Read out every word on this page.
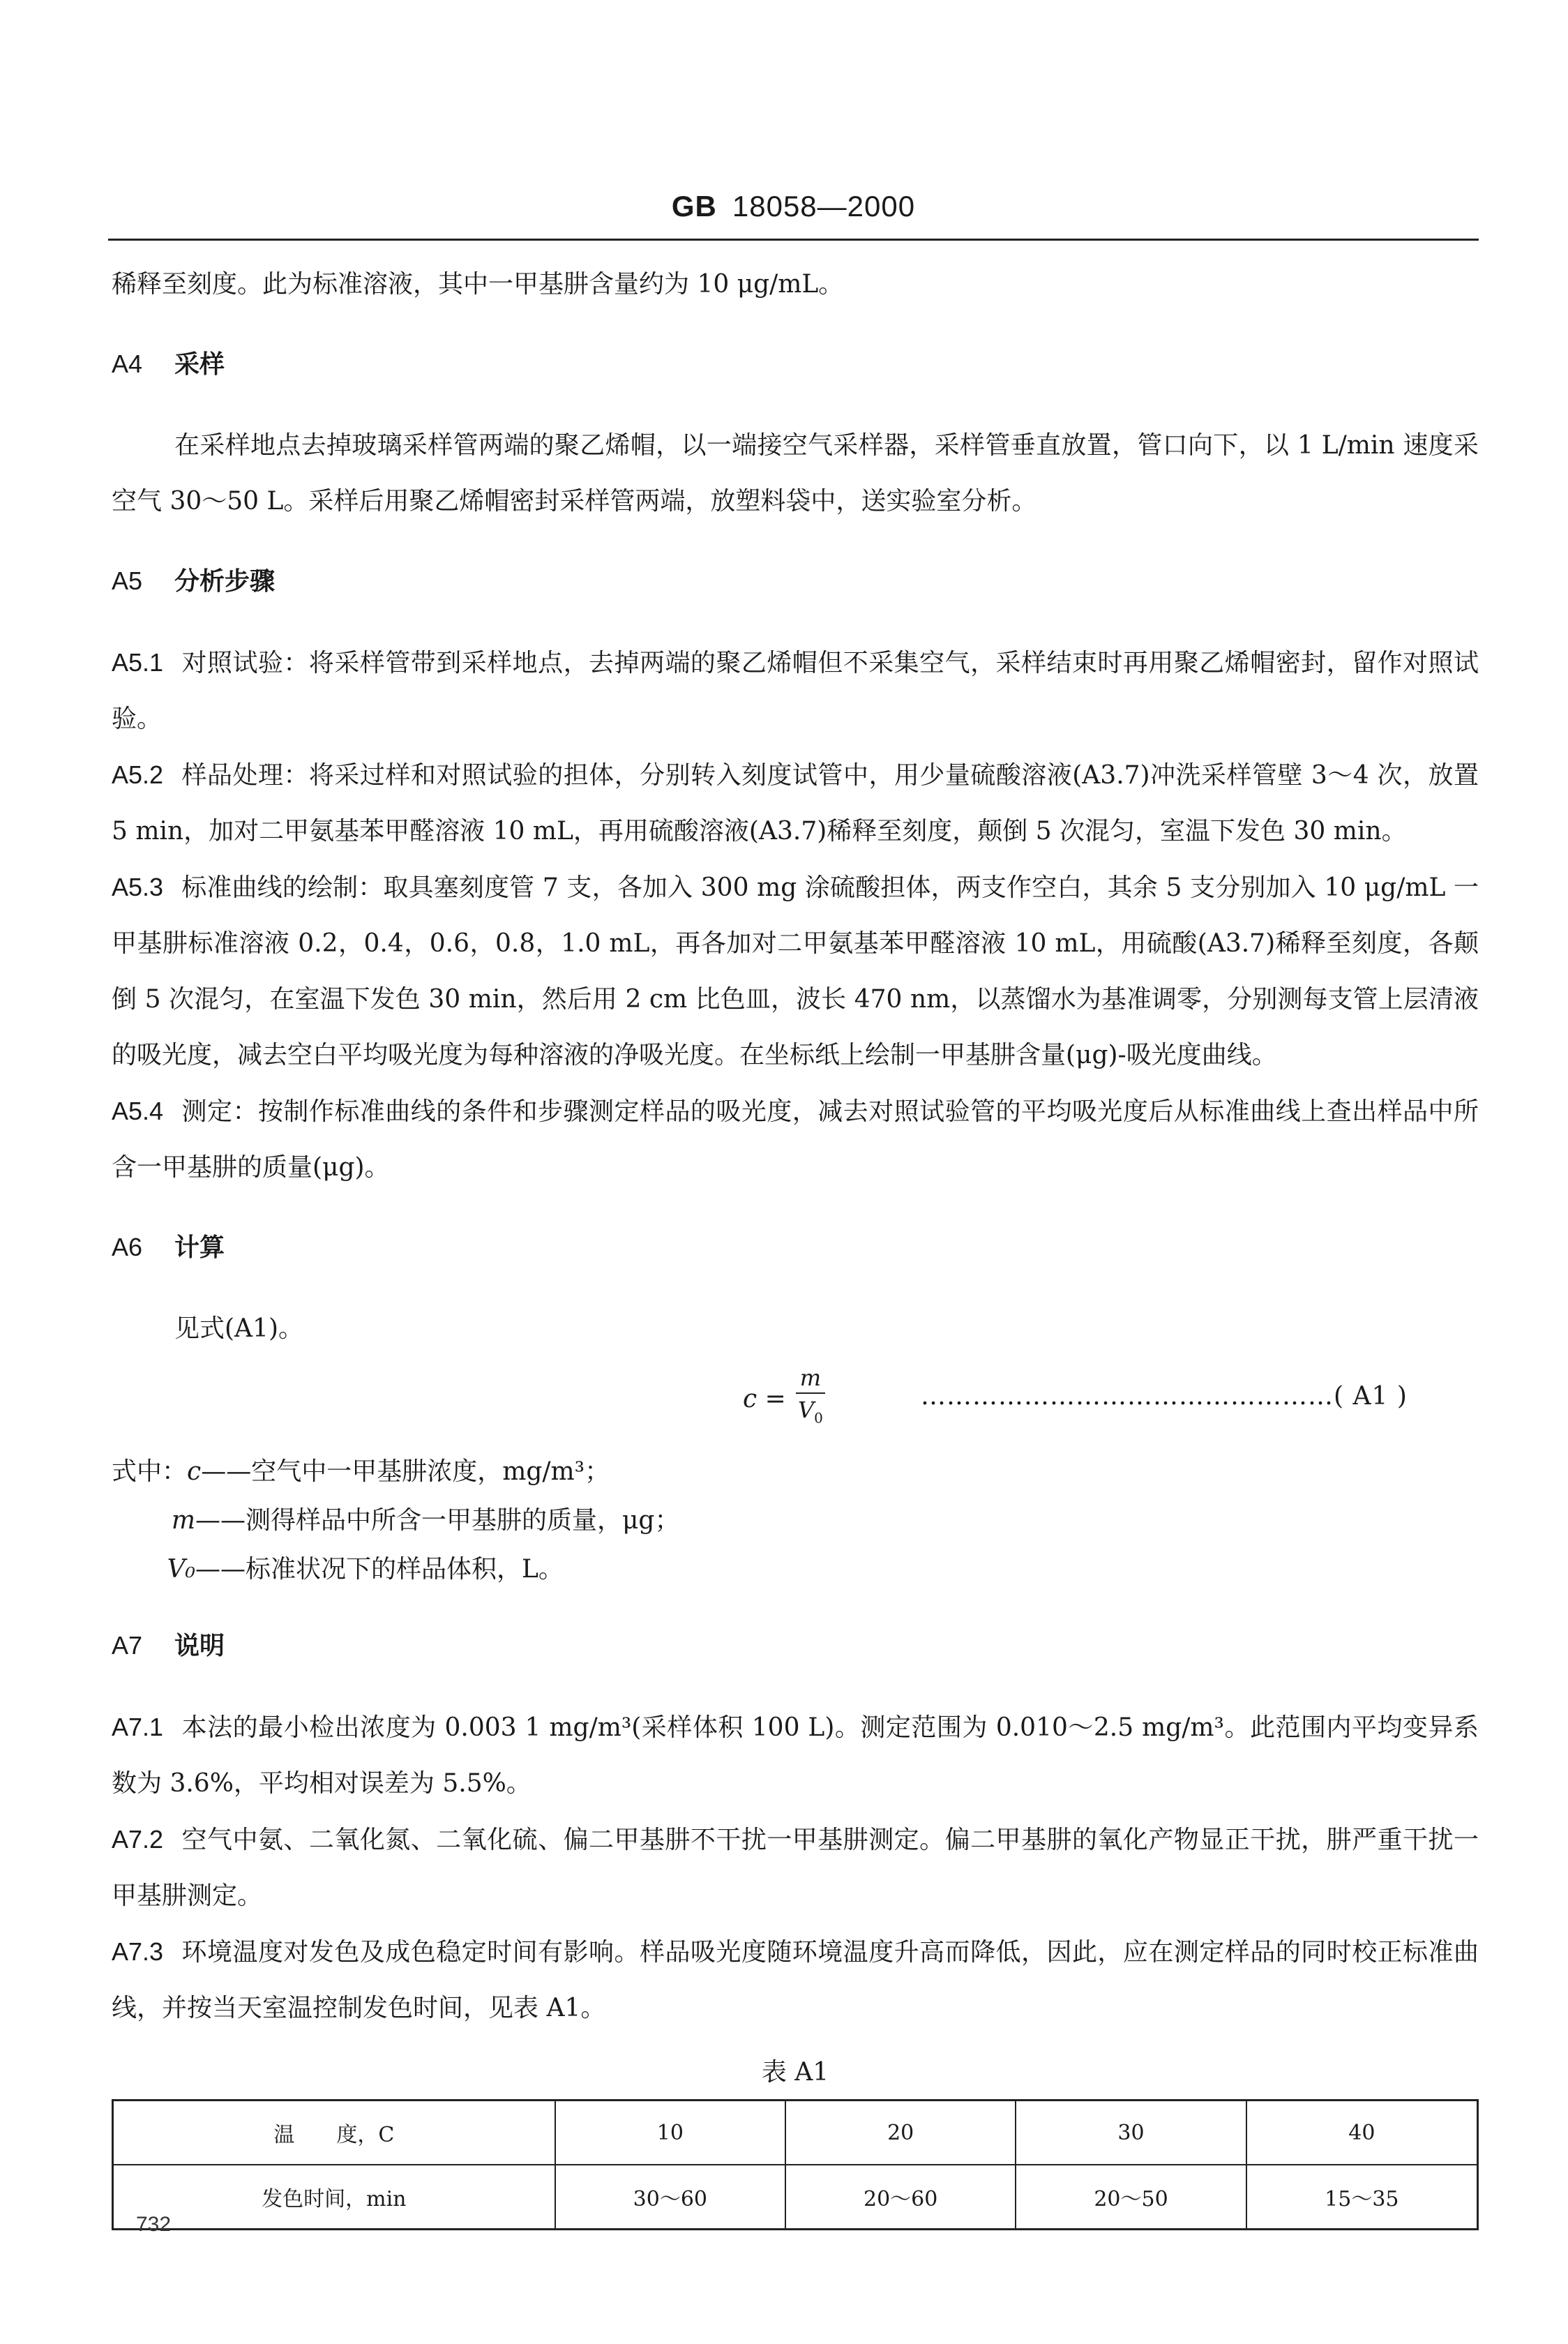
GB 18058—2000

稀释至刻度。此为标准溶液，其中一甲基肼含量约为 10 μg/mL。

A4 采样

在采样地点去掉玻璃采样管两端的聚乙烯帽，以一端接空气采样器，采样管垂直放置，管口向下，以 1 L/min 速度采空气 30～50 L。采样后用聚乙烯帽密封采样管两端，放塑料袋中，送实验室分析。

A5 分析步骤

A5.1 对照试验：将采样管带到采样地点，去掉两端的聚乙烯帽但不采集空气，采样结束时再用聚乙烯帽密封，留作对照试验。

A5.2 样品处理：将采过样和对照试验的担体，分别转入刻度试管中，用少量硫酸溶液(A3.7)冲洗采样管壁 3～4 次，放置 5 min，加对二甲氨基苯甲醛溶液 10 mL，再用硫酸溶液(A3.7)稀释至刻度，颠倒 5 次混匀，室温下发色 30 min。

A5.3 标准曲线的绘制：取具塞刻度管 7 支，各加入 300 mg 涂硫酸担体，两支作空白，其余 5 支分别加入 10 μg/mL 一甲基肼标准溶液 0.2，0.4，0.6，0.8，1.0 mL，再各加对二甲氨基苯甲醛溶液 10 mL，用硫酸(A3.7)稀释至刻度，各颠倒 5 次混匀，在室温下发色 30 min，然后用 2 cm 比色皿，波长 470 nm，以蒸馏水为基准调零，分别测每支管上层清液的吸光度，减去空白平均吸光度为每种溶液的净吸光度。在坐标纸上绘制一甲基肼含量(μg)-吸光度曲线。

A5.4 测定：按制作标准曲线的条件和步骤测定样品的吸光度，减去对照试验管的平均吸光度后从标准曲线上查出样品中所含一甲基肼的质量(μg)。

A6 计算

见式(A1)。

$c = \frac{m}{V_0}$	…………………………………………( A1 )

式中：c——空气中一甲基肼浓度，mg/m³；

m——测得样品中所含一甲基肼的质量，μg；

V₀——标准状况下的样品体积，L。

A7 说明

A7.1 本法的最小检出浓度为 0.003 1 mg/m³(采样体积 100 L)。测定范围为 0.010～2.5 mg/m³。此范围内平均变异系数为 3.6%，平均相对误差为 5.5%。

A7.2 空气中氨、二氧化氮、二氧化硫、偏二甲基肼不干扰一甲基肼测定。偏二甲基肼的氧化产物显正干扰，肼严重干扰一甲基肼测定。

A7.3 环境温度对发色及成色稳定时间有影响。样品吸光度随环境温度升高而降低，因此，应在测定样品的同时校正标准曲线，并按当天室温控制发色时间，见表 A1。

表 A1
温　　度，C	10	20	30	40
发色时间，min	30～60	20～60	20～50	15～35
732
